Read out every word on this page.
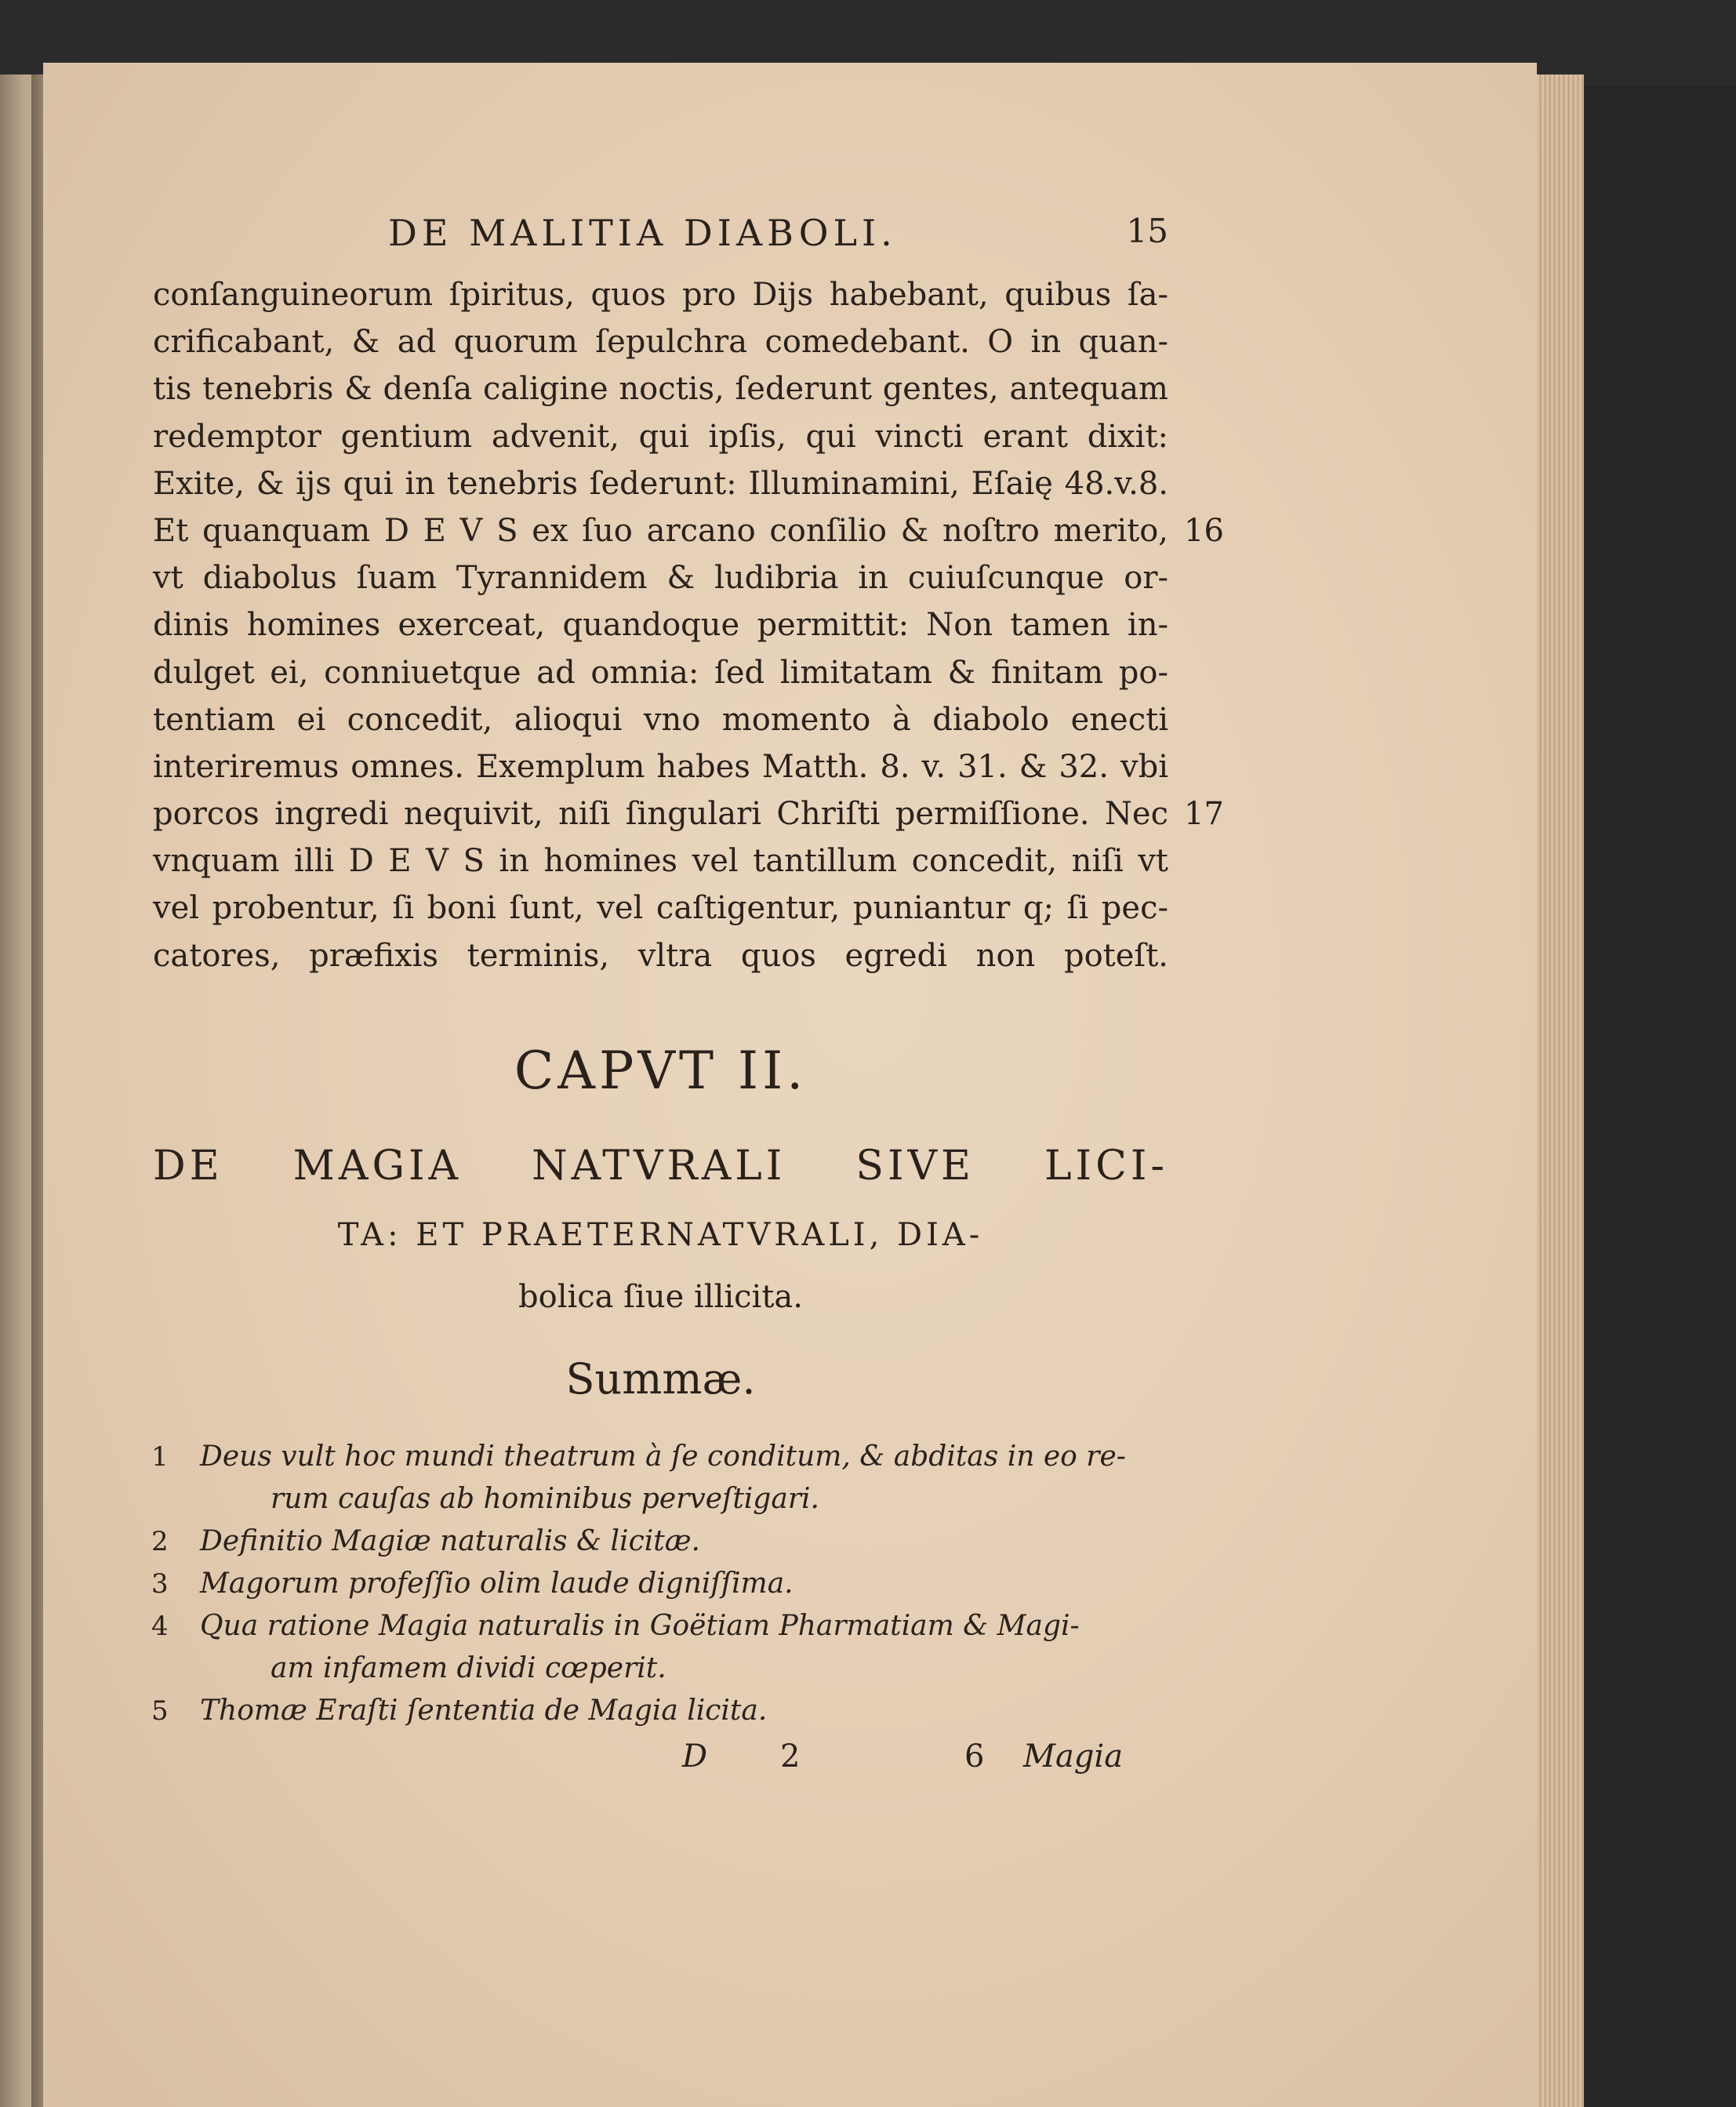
DE MALITIA DIABOLI.	15
conſanguineorum ſpiritus, quos pro Dijs habebant, quibus ſa-
crificabant, & ad quorum ſepulchra comedebant. O in quan-
tis tenebris & denſa caligine noctis, ſederunt gentes, antequam
redemptor gentium advenit, qui ipſis, qui vincti erant dixit:
Exite, & ijs qui in tenebris ſederunt: Illuminamini, Eſaię 48.v.8.
Et quanquam D E V S ex ſuo arcano conſilio & noſtro merito, 16
vt diabolus ſuam Tyrannidem & ludibria in cuiuſcunque or-
dinis homines exerceat, quandoque permittit: Non tamen in-
dulget ei, conniuetque ad omnia: ſed limitatam & finitam po-
tentiam ei concedit, alioqui vno momento à diabolo enecti
interiremus omnes. Exemplum habes Matth. 8. v. 31. & 32. vbi
porcos ingredi nequivit, niſi ſingulari Chriſti permiſſione. Nec 17
vnquam illi D E V S in homines vel tantillum concedit, niſi vt
vel probentur, ſi boni ſunt, vel caſtigentur, puniantur q; ſi pec-
catores, præfixis terminis, vltra quos egredi non poteſt.
CAPVT II.
DE MAGIA NATVRALI SIVE LICI-
TA: ET PRAETERNATVRALI, DIA-
bolica ſiue illicita.
Summæ.
1	Deus vult hoc mundi theatrum à ſe conditum, & abditas in eo re-
rum cauſas ab hominibus perveſtigari.
2	Definitio Magiæ naturalis & licitæ.
3	Magorum profeſſio olim laude digniſſima.
4	Qua ratione Magia naturalis in Goëtiam Pharmatiam & Magi-
am infamem dividi cœperit.
5	Thomæ Eraſti ſententia de Magia licita.
D 2	6 Magia
